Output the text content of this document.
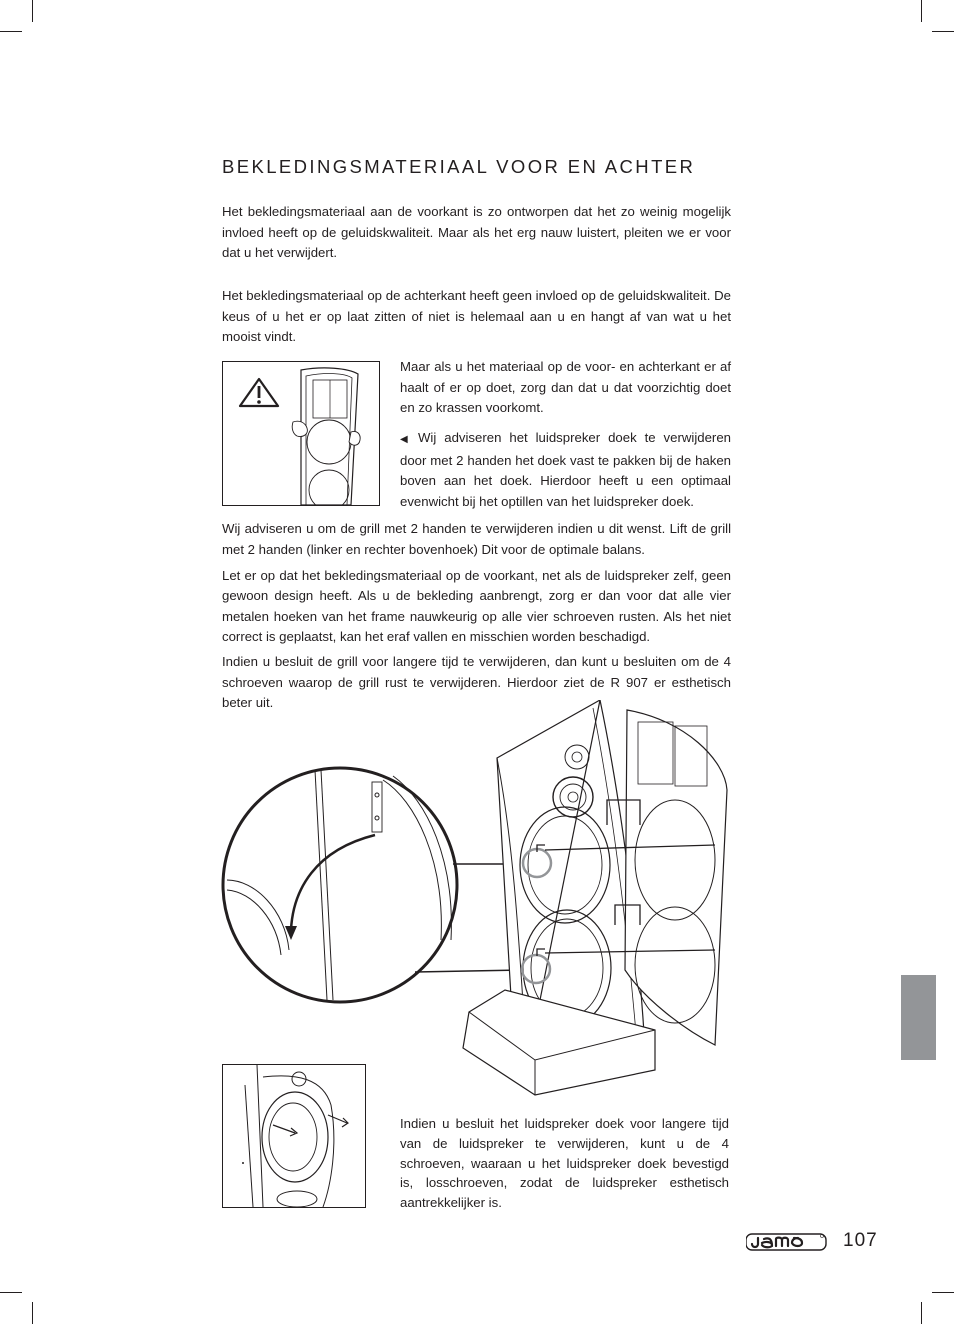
BEKLEDINGSMATERIAAL VOOR EN ACHTER

Het bekledingsmateriaal aan de voorkant is zo ontworpen dat het zo weinig mogelijk invloed heeft op de geluidskwaliteit. Maar als het erg nauw luistert, pleiten we er voor dat u het verwijdert.

Het bekledingsmateriaal op de achterkant heeft geen invloed op de geluidskwaliteit. De keus of u het er op laat zitten of niet is helemaal aan u en hangt af van wat u het mooist vindt.

Maar als u het materiaal op de voor- en achterkant er af haalt of er op doet, zorg dan dat u dat voorzichtig doet en zo krassen voorkomt.

◀ Wij adviseren het luidspreker doek te verwijderen door met 2 handen het doek vast te pakken bij de haken boven aan het doek. Hierdoor heeft u een optimaal evenwicht bij het optillen van het luidspreker doek.

Wij adviseren u om de grill met 2 handen te verwijderen indien u dit wenst. Lift de grill met 2 handen (linker en rechter bovenhoek) Dit voor de optimale balans.

Let er op dat het bekledingsmateriaal op de voorkant, net als de luidspreker zelf, geen gewoon design heeft. Als u de bekleding aanbrengt, zorg er dan voor dat alle vier metalen hoeken van het frame nauwkeurig op alle vier schroeven rusten. Als het niet correct is geplaatst, kan het eraf vallen en misschien worden beschadigd.

Indien u besluit de grill voor langere tijd te verwijderen, dan kunt u besluiten om de 4 schroeven waarop de grill rust te verwijderen. Hierdoor ziet de R 907 er esthetisch beter uit.

Indien u besluit het luidspreker doek voor langere tijd van de luidspreker te verwijderen, kunt u de 4 schroeven, waaraan u het luidspreker doek bevestigd is, losschroeven, zodat de luidspreker esthetisch aantrekkelijker is.

107
